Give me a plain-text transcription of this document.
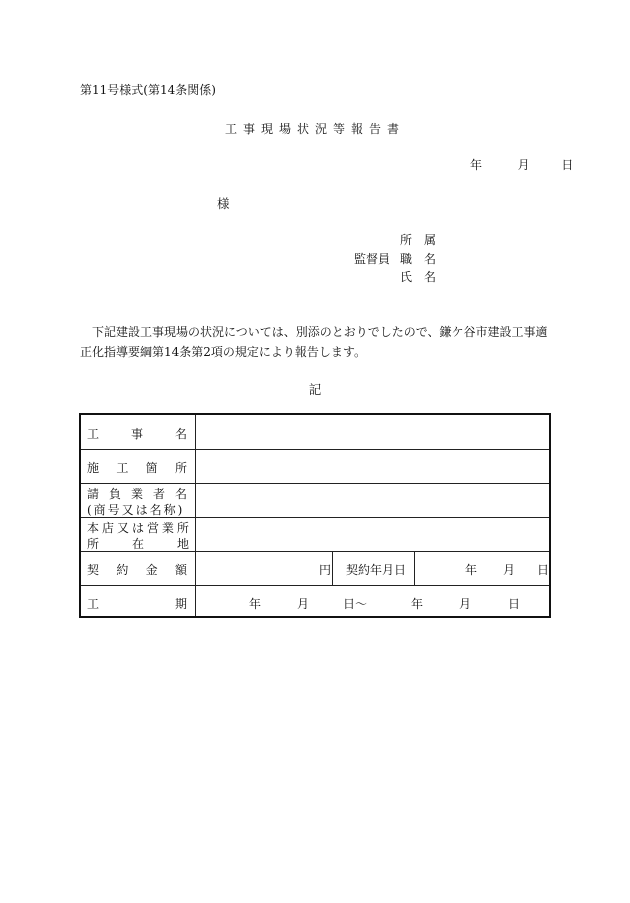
第11号様式(第14条関係)
工事現場状況等報告書
年	月	日
様
所　属
監督員 職　名
氏　名
下記建設工事現場の状況については、別添のとおりでしたので、鎌ケ谷市建設工事適正化指導要綱第14条第2項の規定により報告します。
記
工	事	名
施 工 箇 所
請 負 業 者 名
(商号又は名称)
本 店 又 は 営 業 所
所	在	地
契 約 金 額	円 契約年月日	年 月 日
工	期	年	月	日〜	年	月	日
